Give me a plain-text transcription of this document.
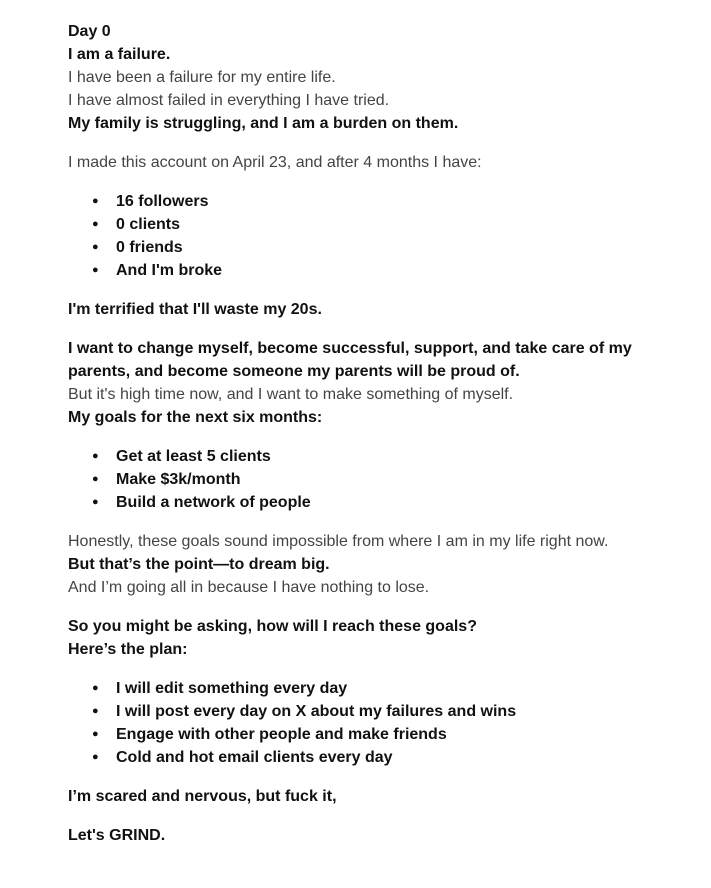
Day 0

I am a failure.

I have been a failure for my entire life.

I have almost failed in everything I have tried.

My family is struggling, and I am a burden on them.

I made this account on April 23, and after 4 months I have:

● 16 followers
● 0 clients
● 0 friends
● And I'm broke

I'm terrified that I'll waste my 20s.

I want to change myself, become successful, support, and take care of my parents, and become someone my parents will be proud of.

But it's high time now, and I want to make something of myself.

My goals for the next six months:

● Get at least 5 clients
● Make $3k/month
● Build a network of people

Honestly, these goals sound impossible from where I am in my life right now.

But that’s the point—to dream big.

And I’m going all in because I have nothing to lose.

So you might be asking, how will I reach these goals?

Here’s the plan:

● I will edit something every day
● I will post every day on X about my failures and wins
● Engage with other people and make friends
● Cold and hot email clients every day

I’m scared and nervous, but fuck it,

Let's GRIND.
